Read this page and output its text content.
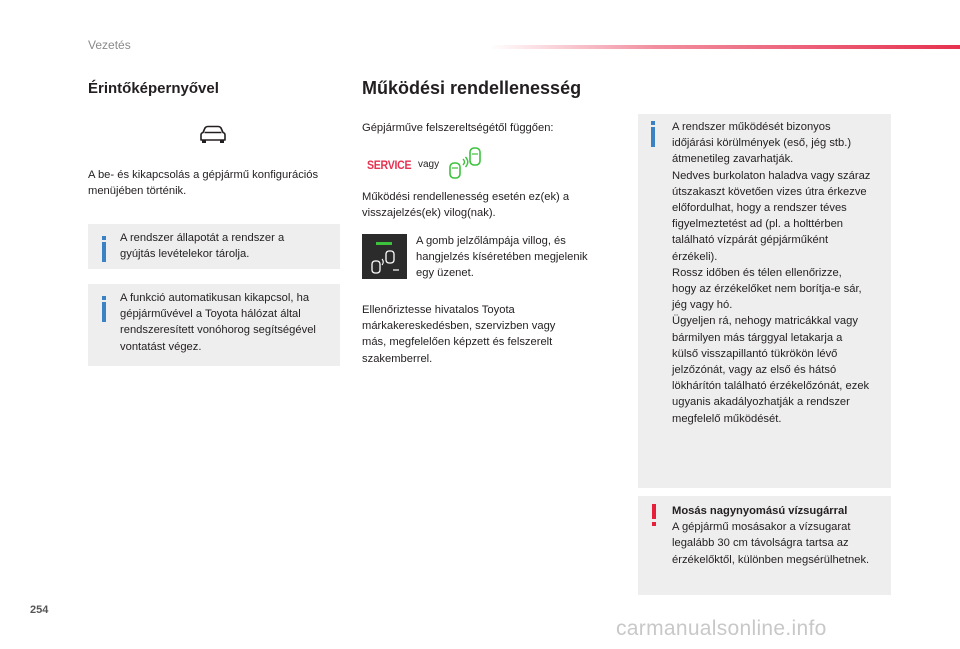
Vezetés
Érintőképernyővel
A be- és kikapcsolás a gépjármű konfigurációs
menüjében történik.
A rendszer állapotát a rendszer a
gyújtás levételekor tárolja.
A funkció automatikusan kikapcsol, ha
gépjárművével a Toyota hálózat által
rendszeresített vonóhorog segítségével
vontatást végez.
Működési rendellenesség
Gépjárműve felszereltségétől függően:
SERVICE vagy
Működési rendellenesség esetén ez(ek) a
visszajelzés(ek) vilog(nak).
A gomb jelzőlámpája villog, és
hangjelzés kíséretében megjelenik
egy üzenet.
Ellenőriztesse hivatalos Toyota
márkakereskedésben, szervizben vagy
más, megfelelően képzett és felszerelt
szakemberrel.
A rendszer működését bizonyos
időjárási körülmények (eső, jég stb.)
átmenetileg zavarhatják.
Nedves burkolaton haladva vagy száraz
útszakaszt követően vizes útra érkezve
előfordulhat, hogy a rendszer téves
figyelmeztetést ad (pl. a holttérben
található vízpárát gépjárműként
érzékeli).
Rossz időben és télen ellenőrizze,
hogy az érzékelőket nem borítja-e sár,
jég vagy hó.
Ügyeljen rá, nehogy matricákkal vagy
bármilyen más tárggyal letakarja a
külső visszapillantó tükrökön lévő
jelzőzónát, vagy az első és hátsó
lökhárítón található érzékelőzónát, ezek
ugyanis akadályozhatják a rendszer
megfelelő működését.
Mosás nagynyomású vízsugárral
A gépjármű mosásakor a vízsugarat
legalább 30 cm távolságra tartsa az
érzékelőktől, különben megsérülhetnek.
254
carmanualsonline.info
